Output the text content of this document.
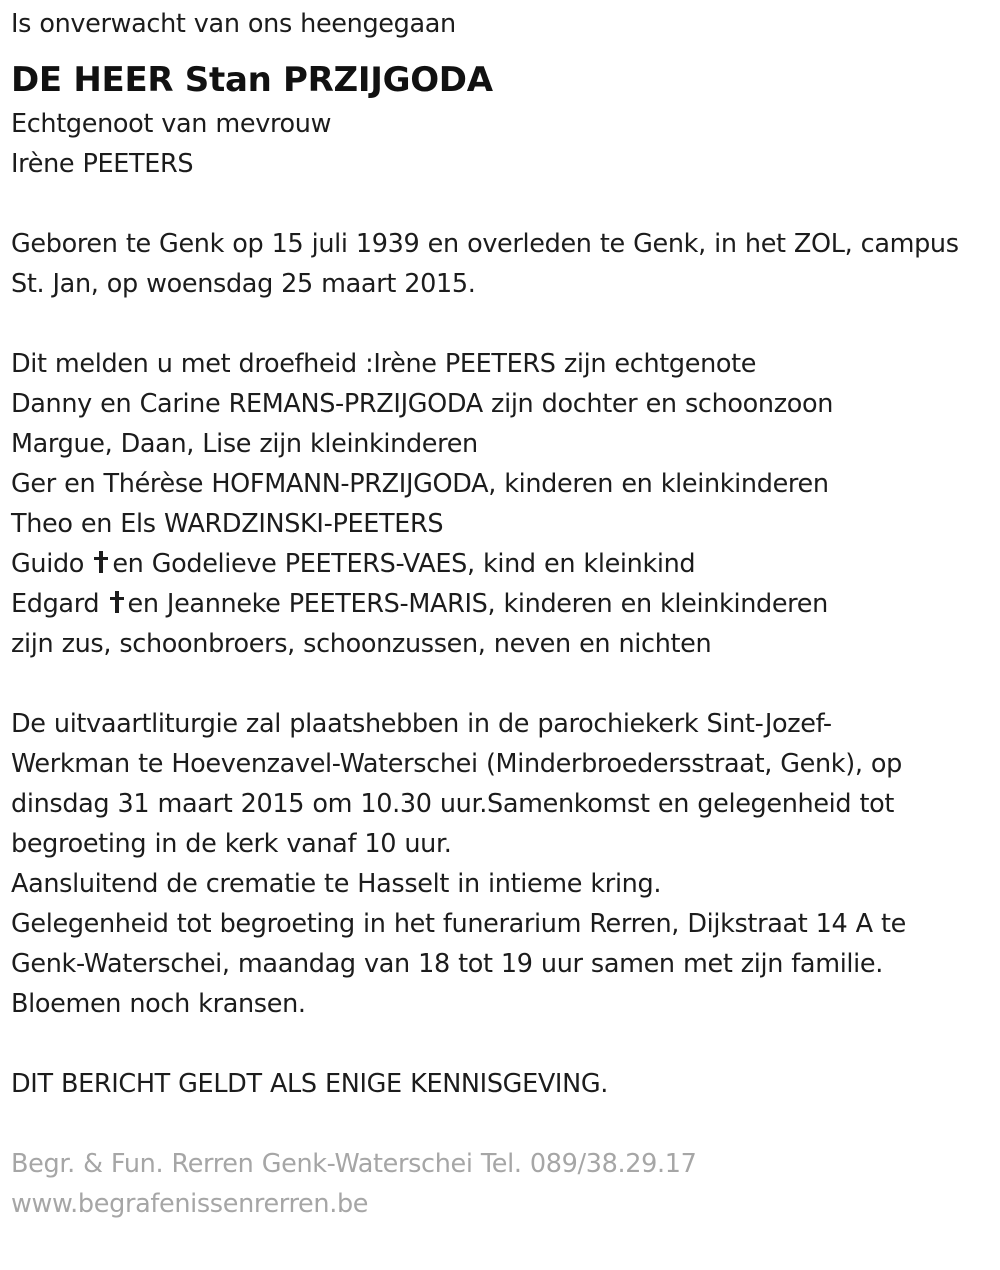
Is onverwacht van ons heengegaan
DE HEER Stan PRZIJGODA
Echtgenoot van mevrouw
Irène PEETERS
Geboren te Genk op 15 juli 1939 en overleden te Genk, in het ZOL, campus
St. Jan, op woensdag 25 maart 2015.
Dit melden u met droefheid :Irène PEETERS zijn echtgenote
Danny en Carine REMANS-PRZIJGODA zijn dochter en schoonzoon
Margue, Daan, Lise zijn kleinkinderen
Ger en Thérèse HOFMANN-PRZIJGODA, kinderen en kleinkinderen
Theo en Els WARDZINSKI-PEETERS
Guido en Godelieve PEETERS-VAES, kind en kleinkind
Edgard en Jeanneke PEETERS-MARIS, kinderen en kleinkinderen
zijn zus, schoonbroers, schoonzussen, neven en nichten
De uitvaartliturgie zal plaatshebben in de parochiekerk Sint-Jozef-
Werkman te Hoevenzavel-Waterschei (Minderbroedersstraat, Genk), op
dinsdag 31 maart 2015 om 10.30 uur.Samenkomst en gelegenheid tot
begroeting in de kerk vanaf 10 uur.
Aansluitend de crematie te Hasselt in intieme kring.
Gelegenheid tot begroeting in het funerarium Rerren, Dijkstraat 14 A te
Genk-Waterschei, maandag van 18 tot 19 uur samen met zijn familie.
Bloemen noch kransen.
DIT BERICHT GELDT ALS ENIGE KENNISGEVING.
Begr. & Fun. Rerren Genk-Waterschei Tel. 089/38.29.17
www.begrafenissenrerren.be
